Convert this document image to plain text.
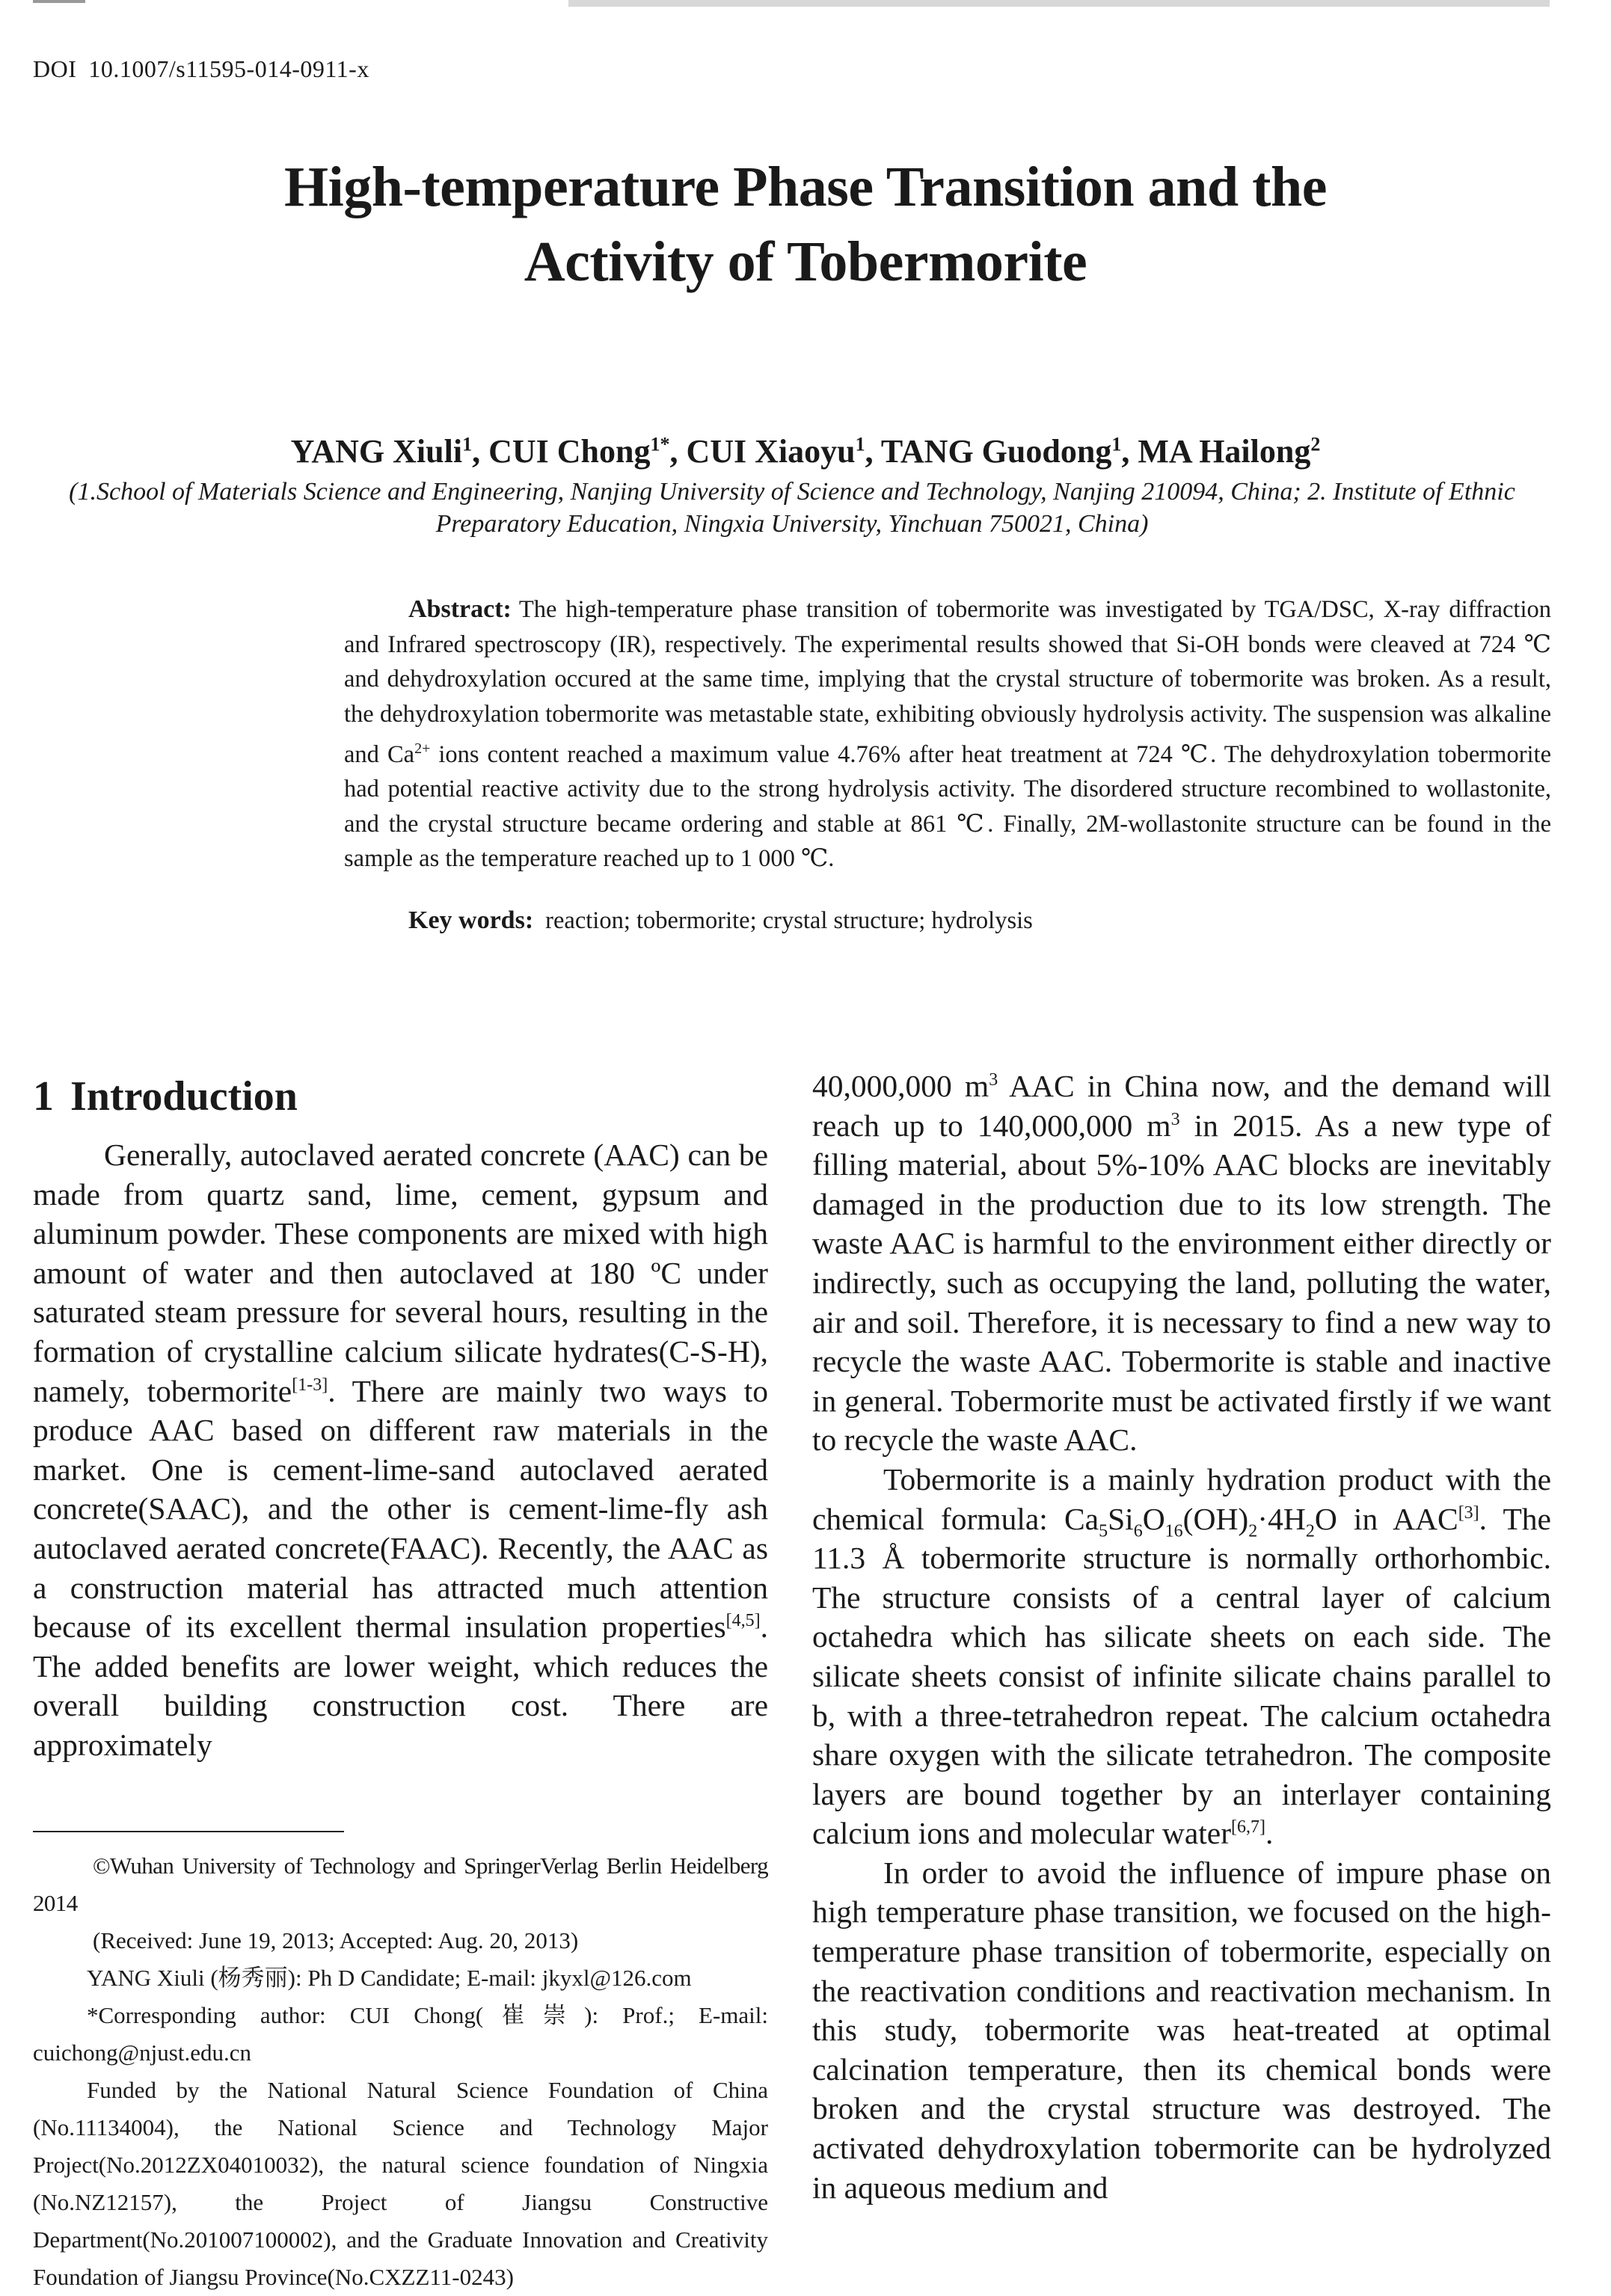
DOI 10.1007/s11595-014-0911-x
High-temperature Phase Transition and the
Activity of Tobermorite
YANG Xiuli$^1$, CUI Chong$^{1*}$, CUI Xiaoyu$^1$, TANG Guodong$^1$, MA Hailong$^2$
(1.School of Materials Science and Engineering, Nanjing University of Science and Technology, Nanjing 210094, China; 2. Institute of Ethnic Preparatory Education, Ningxia University, Yinchuan 750021, China)
Abstract: The high-temperature phase transition of tobermorite was investigated by TGA/DSC, X-ray diffraction and Infrared spectroscopy (IR), respectively. The experimental results showed that Si-OH bonds were cleaved at 724 ℃ and dehydroxylation occured at the same time, implying that the crystal structure of tobermorite was broken. As a result, the dehydroxylation tobermorite was metastable state, exhibiting obviously hydrolysis activity. The suspension was alkaline and $Ca^{2+}$ ions content reached a maximum value 4.76% after heat treatment at 724 ℃. The dehydroxylation tobermorite had potential reactive activity due to the strong hydrolysis activity. The disordered structure recombined to wollastonite, and the crystal structure became ordering and stable at 861 ℃. Finally, 2M-wollastonite structure can be found in the sample as the temperature reached up to 1 000 ℃.
Key words: reaction; tobermorite; crystal structure; hydrolysis
1 Introduction

Generally, autoclaved aerated concrete (AAC) can be made from quartz sand, lime, cement, gypsum and aluminum powder. These components are mixed with high amount of water and then autoclaved at 180 ºC under saturated steam pressure for several hours, resulting in the formation of crystalline calcium silicate hydrates(C-S-H), namely, tobermorite[1-3]. There are mainly two ways to produce AAC based on different raw materials in the market. One is cement-lime-sand autoclaved aerated concrete(SAAC), and the other is cement-lime-fly ash autoclaved aerated concrete(FAAC). Recently, the AAC as a construction material has attracted much attention because of its excellent thermal insulation properties[4,5]. The added benefits are lower weight, which reduces the overall building construction cost. There are approximately

©Wuhan University of Technology and SpringerVerlag Berlin Heidelberg 2014

(Received: June 19, 2013; Accepted: Aug. 20, 2013)

YANG Xiuli (杨秀丽): Ph D Candidate; E-mail: jkyxl@126.com

*Corresponding author: CUI Chong(崔崇): Prof.; E-mail: cuichong@njust.edu.cn

Funded by the National Natural Science Foundation of China (No.11134004), the National Science and Technology Major Project(No.2012ZX04010032), the natural science foundation of Ningxia (No.NZ12157), the Project of Jiangsu Constructive Department(No.201007100002), and the Graduate Innovation and Creativity Foundation of Jiangsu Province(No.CXZZ11-0243)

40,000,000 $m^3$ AAC in China now, and the demand will reach up to 140,000,000 $m^3$ in 2015. As a new type of filling material, about 5%-10% AAC blocks are inevitably damaged in the production due to its low strength. The waste AAC is harmful to the environment either directly or indirectly, such as occupying the land, polluting the water, air and soil. Therefore, it is necessary to find a new way to recycle the waste AAC. Tobermorite is stable and inactive in general. Tobermorite must be activated firstly if we want to recycle the waste AAC.

Tobermorite is a mainly hydration product with the chemical formula: $Ca_5Si_6O_{16}(OH)_2\cdot 4H_2O$ in AAC[3]. The 11.3 Å tobermorite structure is normally orthorhombic. The structure consists of a central layer of calcium octahedra which has silicate sheets on each side. The silicate sheets consist of infinite silicate chains parallel to b, with a three-tetrahedron repeat. The calcium octahedra share oxygen with the silicate tetrahedron. The composite layers are bound together by an interlayer containing calcium ions and molecular water[6,7].

In order to avoid the influence of impure phase on high temperature phase transition, we focused on the high-temperature phase transition of tobermorite, especially on the reactivation conditions and reactivation mechanism. In this study, tobermorite was heat-treated at optimal calcination temperature, then its chemical bonds were broken and the crystal structure was destroyed. The activated dehydroxylation tobermorite can be hydrolyzed in aqueous medium and
